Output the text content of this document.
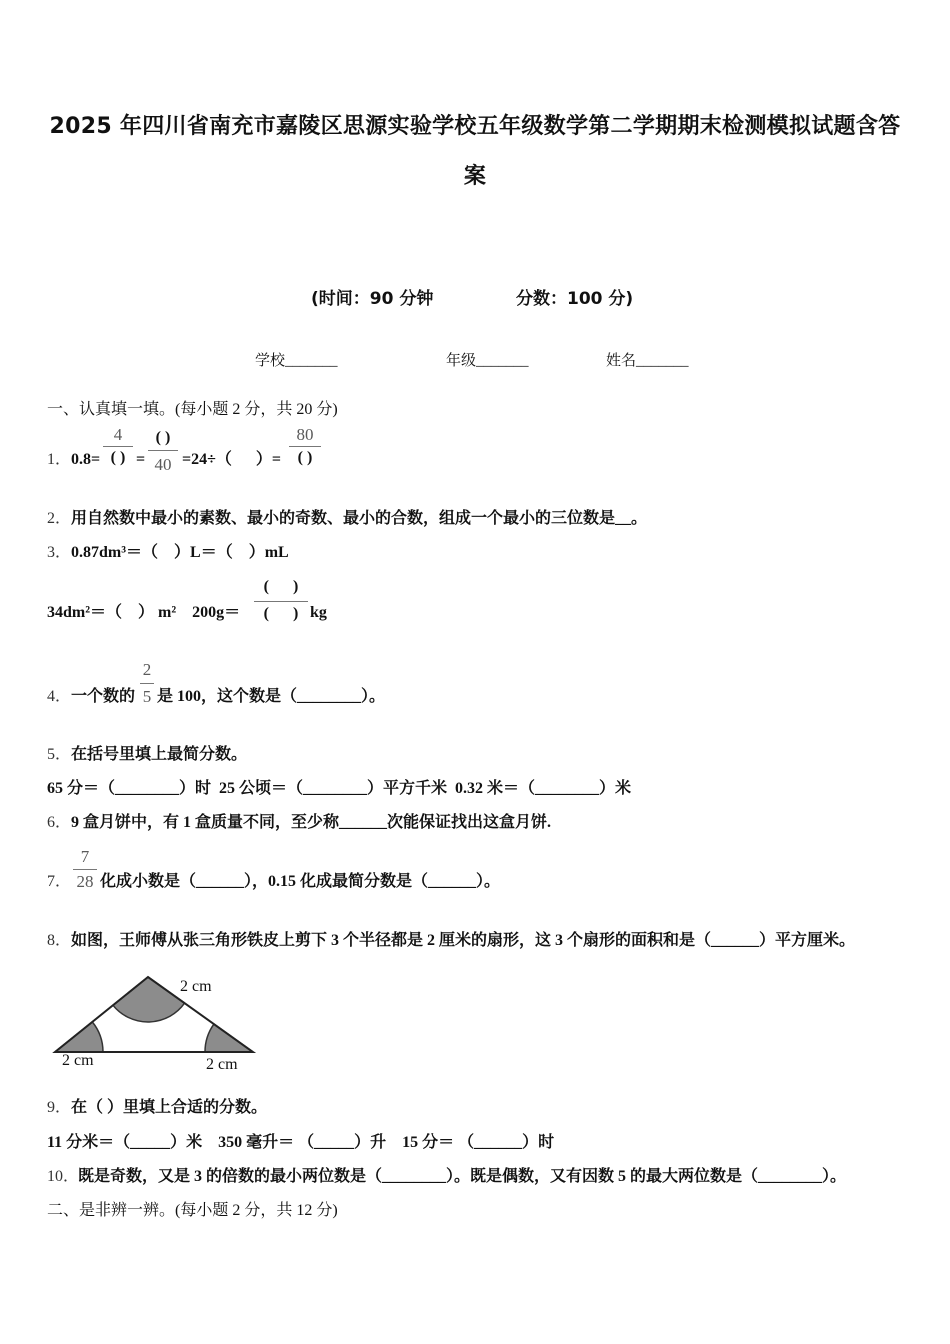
2025 年四川省南充市嘉陵区思源实验学校五年级数学第二学期期末检测模拟试题含答
案
(时间：90 分钟	分数：100 分)
学校_______	年级_______	姓名_______
一、认真填一填。(每小题 2 分，共 20 分)
1． 0.8=
4
( ) =
( )
40 =24÷（      ）=
80
( )
2． 用自然数中最小的素数、最小的奇数、最小的合数，组成一个最小的三位数是__。
3． 0.87dm³＝（    ）L＝（    ）mL
34dm²＝（    ） m²    200g＝
(      )
(      ) kg
4． 一个数的
2
5 是 100，这个数是（________）。
5． 在括号里填上最简分数。
65 分＝（________）时  25 公顷＝（________）平方千米  0.32 米＝（________）米
6． 9 盒月饼中，有 1 盒质量不同，至少称______次能保证找出这盒月饼.
7．
7
28 化成小数是（______），0.15 化成最简分数是（______）。
8． 如图，王师傅从张三角形铁皮上剪下 3 个半径都是 2 厘米的扇形，这 3 个扇形的面积和是（______）平方厘米。
2 cm
2 cm	2 cm
9． 在（ ）里填上合适的分数。
11 分米＝（_____）米    350 毫升＝ （_____）升    15 分＝ （______）时
10．
既是奇数，又是 3 的倍数的最小两位数是（________）。既是偶数，又有因数 5 的最大两位数是（________）。
二、是非辨一辨。(每小题 2 分，共 12 分)
